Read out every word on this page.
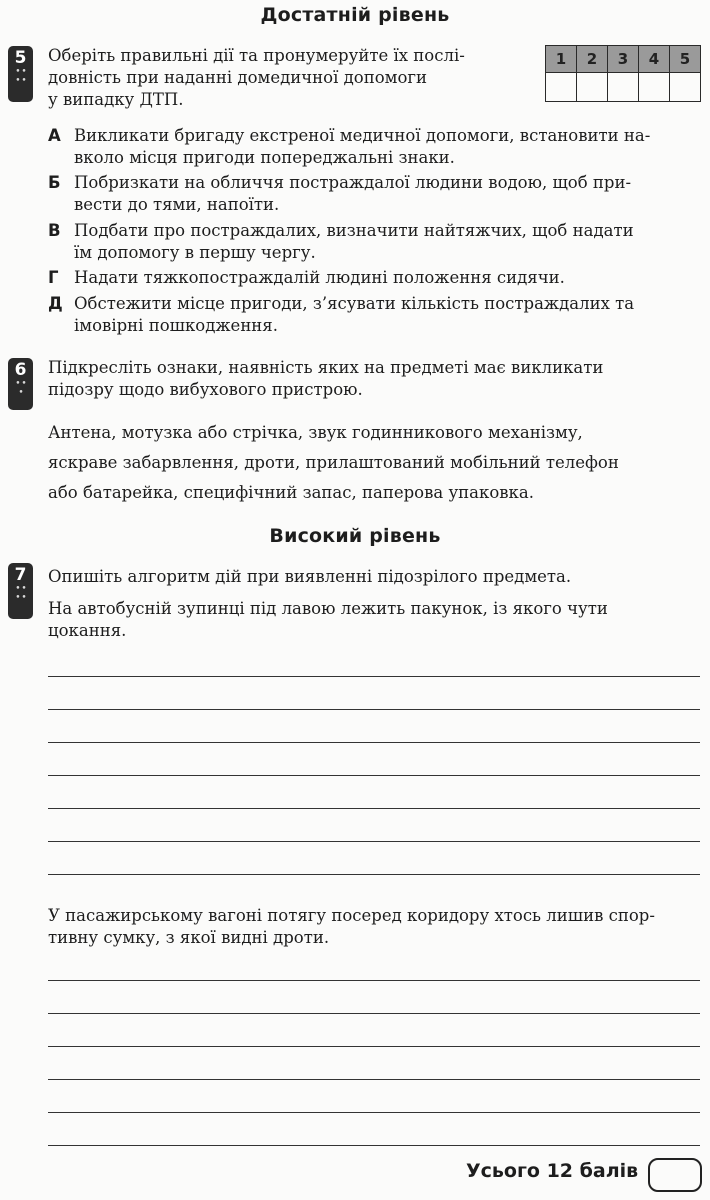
Достатній рівень
5
• •
• •
Оберіть правильні дії та пронумеруйте їх послі-
довність при наданні домедичної допомоги
у випадку ДТП.
1	2	3	4	5

А Викликати бригаду екстреної медичної допомоги, встановити на-
вколо місця пригоди попереджальні знаки.
Б Побризкати на обличчя постраждалої людини водою, щоб при-
вести до тями, напоїти.
В Подбати про постраждалих, визначити найтяжчих, щоб надати
їм допомогу в першу чергу.
Г Надати тяжкопостраждалій людині положення сидячи.
Д Обстежити місце пригоди, з’ясувати кількість постраждалих та
імовірні пошкодження.
6
• •
•
Підкресліть ознаки, наявність яких на предметі має викликати
підозру щодо вибухового пристрою.
Антена, мотузка або стрічка, звук годинникового механізму,
яскраве забарвлення, дроти, прилаштований мобільний телефон
або батарейка, специфічний запас, паперова упаковка.
Високий рівень
7
• •
• •
Опишіть алгоритм дій при виявленні підозрілого предмета.
На автобусній зупинці під лавою лежить пакунок, із якого чути
цокання.
У пасажирському вагоні потягу посеред коридору хтось лишив спор-
тивну сумку, з якої видні дроти.
Усього 12 балів
